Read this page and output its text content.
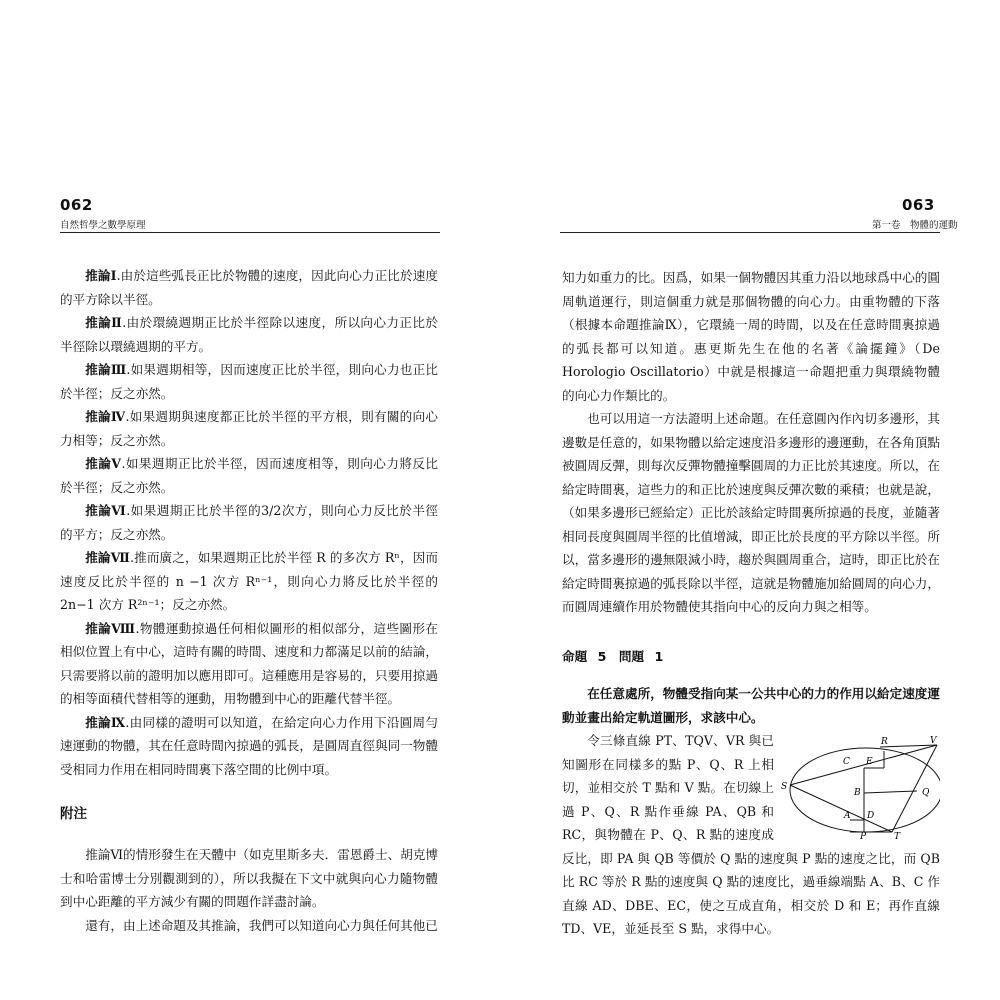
062
自然哲學之數學原理

推論Ⅰ.由於這些弧長正比於物體的速度，因此向心力正比於速度的平方除以半徑。

推論Ⅱ.由於環繞週期正比於半徑除以速度，所以向心力正比於半徑除以環繞週期的平方。

推論Ⅲ.如果週期相等，因而速度正比於半徑，則向心力也正比於半徑；反之亦然。

推論Ⅳ.如果週期與速度都正比於半徑的平方根，則有關的向心力相等；反之亦然。

推論Ⅴ.如果週期正比於半徑，因而速度相等，則向心力將反比於半徑；反之亦然。

推論Ⅵ.如果週期正比於半徑的3/2次方，則向心力反比於半徑的平方；反之亦然。

推論Ⅶ.推而廣之，如果週期正比於半徑 R 的多次方 Rⁿ，因而速度反比於半徑的 n −1 次方 Rⁿ⁻¹，則向心力將反比於半徑的 2n−1 次方 R²ⁿ⁻¹；反之亦然。

推論Ⅷ.物體運動掠過任何相似圖形的相似部分，這些圖形在相似位置上有中心，這時有關的時間、速度和力都滿足以前的結論，只需要將以前的證明加以應用即可。這種應用是容易的，只要用掠過的相等面積代替相等的運動，用物體到中心的距離代替半徑。

推論Ⅸ.由同樣的證明可以知道，在給定向心力作用下沿圓周勻速運動的物體，其在任意時間內掠過的弧長，是圓周直徑與同一物體受相同力作用在相同時間裏下落空間的比例中項。

附注

推論Ⅵ的情形發生在天體中（如克里斯多夫．雷恩爵士、胡克博士和哈雷博士分別觀測到的），所以我擬在下文中就與向心力隨物體到中心距離的平方減少有關的問題作詳盡討論。

還有，由上述命題及其推論，我們可以知道向心力與任何其他已

063
第一卷　物體的運動

知力如重力的比。因爲，如果一個物體因其重力沿以地球爲中心的圓周軌道運行，則這個重力就是那個物體的向心力。由重物體的下落（根據本命題推論Ⅸ），它環繞一周的時間，以及在任意時間裏掠過的弧長都可以知道。惠更斯先生在他的名著《論擺鐘》（De Horologio Oscillatorio）中就是根據這一命題把重力與環繞物體的向心力作類比的。

也可以用這一方法證明上述命題。在任意圓內作內切多邊形，其邊數是任意的，如果物體以給定速度沿多邊形的邊運動，在各角頂點被圓周反彈，則每次反彈物體撞擊圓周的力正比於其速度。所以，在給定時間裏，這些力的和正比於速度與反彈次數的乘積；也就是說，（如果多邊形已經給定）正比於該給定時間裏所掠過的長度，並隨著相同長度與圓周半徑的比值增減，即正比於長度的平方除以半徑。所以，當多邊形的邊無限減小時，趨於與圓周重合，這時，即正比於在給定時間裏掠過的弧長除以半徑，這就是物體施加給圓周的向心力，而圓周連續作用於物體使其指向中心的反向力與之相等。

命題 5　問題 1

在任意處所，物體受指向某一公共中心的力的作用以給定速度運動並畫出給定軌道圖形，求該中心。

R	V
C E
S
B	Q
A D
P	T

令三條直線 PT、TQV、VR 與已知圖形在同樣多的點 P、Q、R 上相切，並相交於 T 點和 V 點。在切線上過 P、Q、R 點作垂線 PA、QB 和 RC，與物體在 P、Q、R 點的速度成反比，即 PA 與 QB 等價於 Q 點的速度與 P 點的速度之比，而 QB 比 RC 等於 R 點的速度與 Q 點的速度比，過垂線端點 A、B、C 作直線 AD、DBE、EC，使之互成直角，相交於 D 和 E；再作直線 TD、VE，並延長至 S 點，求得中心。
